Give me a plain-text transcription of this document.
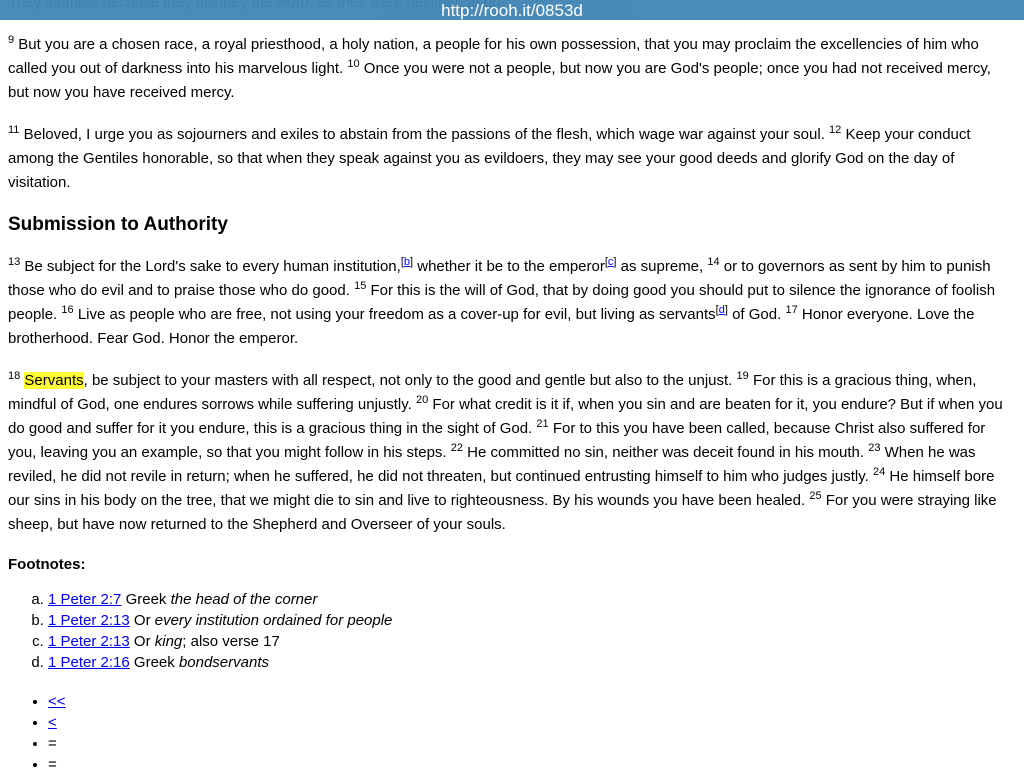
http://rooh.it/0853d

$^9$ But you are a chosen race, a royal priesthood, a holy nation, a people for his own possession, that you may proclaim the excellencies of him who called you out of darkness into his marvelous light. $^{10}$ Once you were not a people, but now you are God's people; once you had not received mercy, but now you have received mercy.

$^{11}$ Beloved, I urge you as sojourners and exiles to abstain from the passions of the flesh, which wage war against your soul. $^{12}$ Keep your conduct among the Gentiles honorable, so that when they speak against you as evildoers, they may see your good deeds and glorify God on the day of visitation.

Submission to Authority

$^{13}$ Be subject for the Lord's sake to every human institution,[b] whether it be to the emperor[c] as supreme, $^{14}$ or to governors as sent by him to punish those who do evil and to praise those who do good. $^{15}$ For this is the will of God, that by doing good you should put to silence the ignorance of foolish people. $^{16}$ Live as people who are free, not using your freedom as a cover-up for evil, but living as servants[d] of God. $^{17}$ Honor everyone. Love the brotherhood. Fear God. Honor the emperor.

$^{18}$ Servants, be subject to your masters with all respect, not only to the good and gentle but also to the unjust. $^{19}$ For this is a gracious thing, when, mindful of God, one endures sorrows while suffering unjustly. $^{20}$ For what credit is it if, when you sin and are beaten for it, you endure? But if when you do good and suffer for it you endure, this is a gracious thing in the sight of God. $^{21}$ For to this you have been called, because Christ also suffered for you, leaving you an example, so that you might follow in his steps. $^{22}$ He committed no sin, neither was deceit found in his mouth. $^{23}$ When he was reviled, he did not revile in return; when he suffered, he did not threaten, but continued entrusting himself to him who judges justly. $^{24}$ He himself bore our sins in his body on the tree, that we might die to sin and live to righteousness. By his wounds you have been healed. $^{25}$ For you were straying like sheep, but have now returned to the Shepherd and Overseer of your souls.

Footnotes:
a. 1 Peter 2:7 Greek the head of the corner
b. 1 Peter 2:13 Or every institution ordained for people
c. 1 Peter 2:13 Or king; also verse 17
d. 1 Peter 2:16 Greek bondservants
• <<
• <
• =
• =
